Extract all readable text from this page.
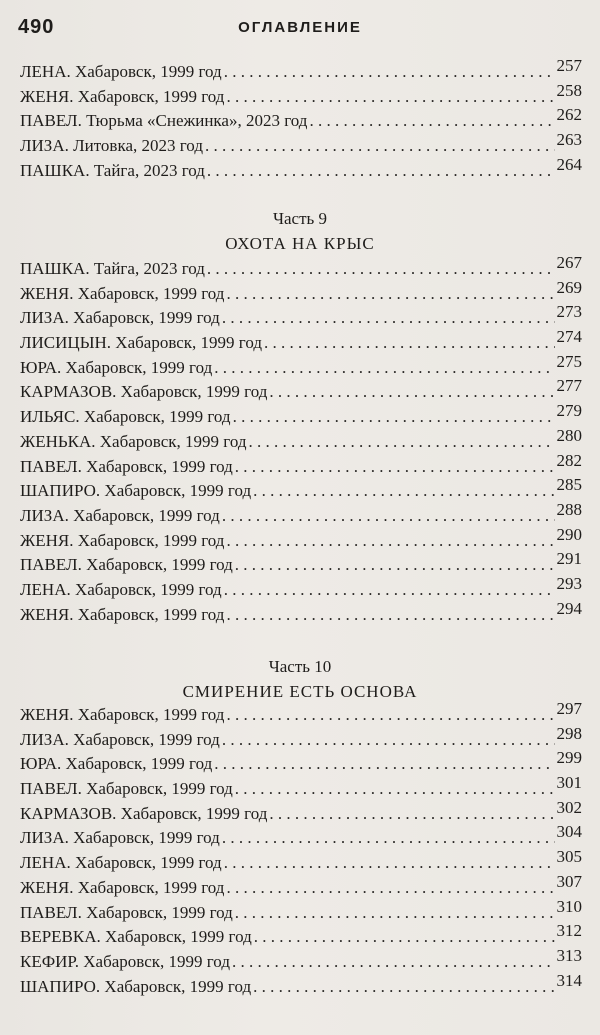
490	ОГЛАВЛЕНИЕ
ЛЕНА. Хабаровск, 1999 год . . .	257
ЖЕНЯ. Хабаровск, 1999 год . . .	258
ПАВЕЛ. Тюрьма «Снежинка», 2023 год . . .	262
ЛИЗА. Литовка, 2023 год . . .	263
ПАШКА. Тайга, 2023 год . . .	264
Часть 9
ОХОТА НА КРЫС
ПАШКА. Тайга, 2023 год . . .	267
ЖЕНЯ. Хабаровск, 1999 год . . .	269
ЛИЗА. Хабаровск, 1999 год . . .	273
ЛИСИЦЫН. Хабаровск, 1999 год . . .	274
ЮРА. Хабаровск, 1999 год . . .	275
КАРМАЗОВ. Хабаровск, 1999 год . . .	277
ИЛЬЯС. Хабаровск, 1999 год . . .	279
ЖЕНЬКА. Хабаровск, 1999 год . . .	280
ПАВЕЛ. Хабаровск, 1999 год . . .	282
ШАПИРО. Хабаровск, 1999 год . . .	285
ЛИЗА. Хабаровск, 1999 год . . .	288
ЖЕНЯ. Хабаровск, 1999 год . . .	290
ПАВЕЛ. Хабаровск, 1999 год . . .	291
ЛЕНА. Хабаровск, 1999 год . . .	293
ЖЕНЯ. Хабаровск, 1999 год . . .	294
Часть 10
СМИРЕНИЕ ЕСТЬ ОСНОВА
ЖЕНЯ. Хабаровск, 1999 год . . .	297
ЛИЗА. Хабаровск, 1999 год . . .	298
ЮРА. Хабаровск, 1999 год . . .	299
ПАВЕЛ. Хабаровск, 1999 год . . .	301
КАРМАЗОВ. Хабаровск, 1999 год . . .	302
ЛИЗА. Хабаровск, 1999 год . . .	304
ЛЕНА. Хабаровск, 1999 год . . .	305
ЖЕНЯ. Хабаровск, 1999 год . . .	307
ПАВЕЛ. Хабаровск, 1999 год . . .	310
ВЕРЕВКА. Хабаровск, 1999 год . . .	312
КЕФИР. Хабаровск, 1999 год . . .	313
ШАПИРО. Хабаровск, 1999 год . . .	314
